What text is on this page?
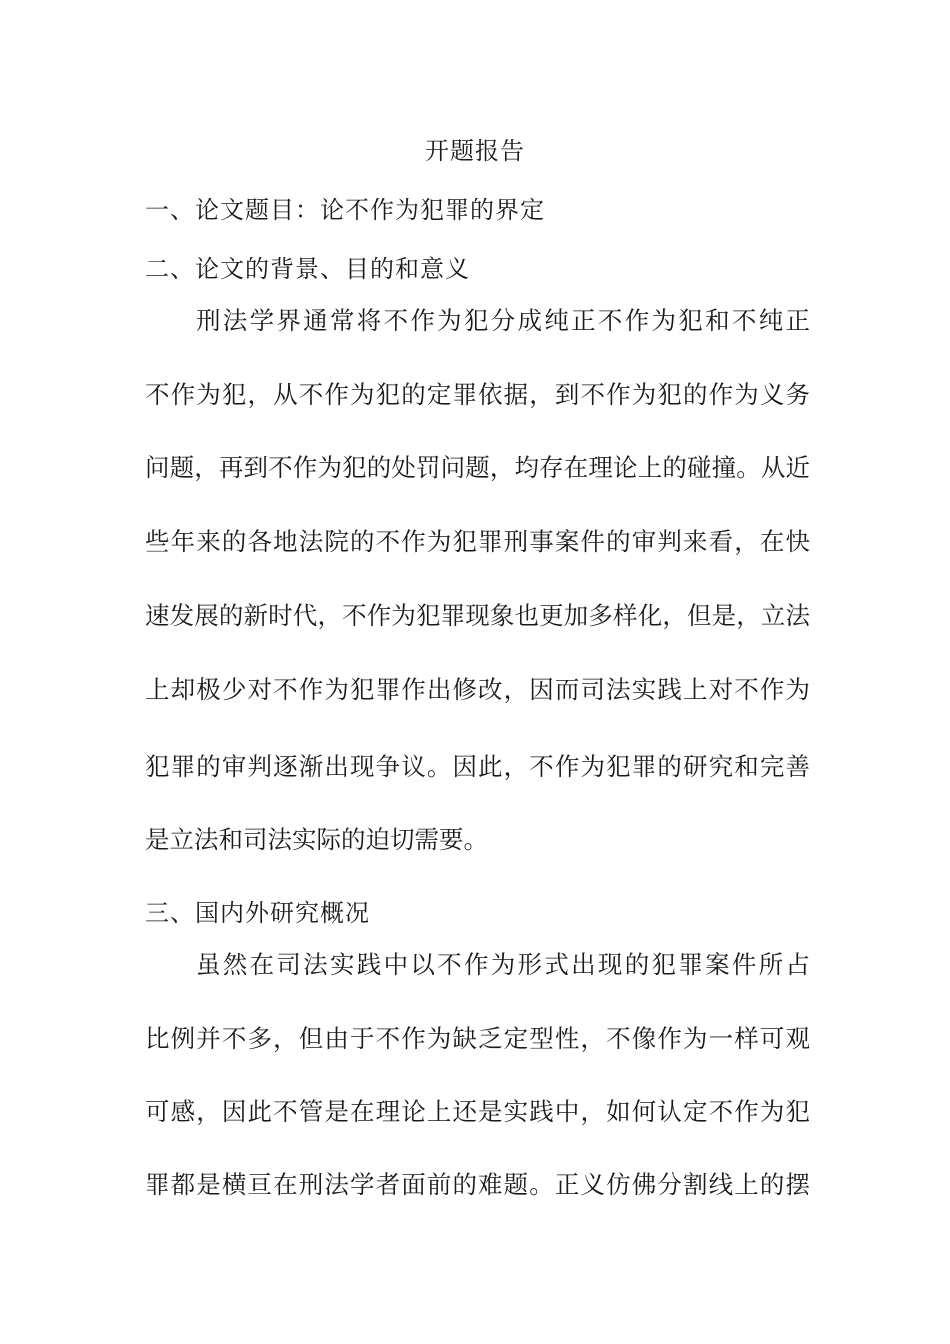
开题报告
一、论文题目：论不作为犯罪的界定
二、论文的背景、目的和意义
刑法学界通常将不作为犯分成纯正不作为犯和不纯正
不作为犯，从不作为犯的定罪依据，到不作为犯的作为义务
问题，再到不作为犯的处罚问题，均存在理论上的碰撞。从近
些年来的各地法院的不作为犯罪刑事案件的审判来看，在快
速发展的新时代，不作为犯罪现象也更加多样化，但是，立法
上却极少对不作为犯罪作出修改，因而司法实践上对不作为
犯罪的审判逐渐出现争议。因此，不作为犯罪的研究和完善
是立法和司法实际的迫切需要。
三、国内外研究概况
虽然在司法实践中以不作为形式出现的犯罪案件所占
比例并不多，但由于不作为缺乏定型性，不像作为一样可观
可感，因此不管是在理论上还是实践中，如何认定不作为犯
罪都是横亘在刑法学者面前的难题。正义仿佛分割线上的摆
